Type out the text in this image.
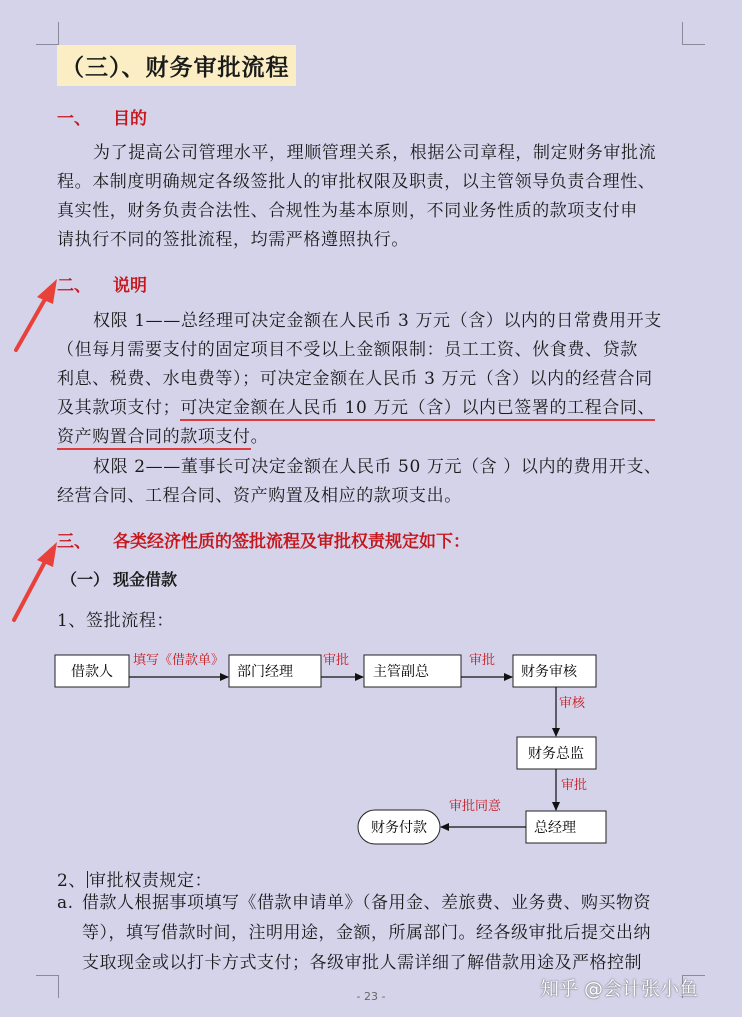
（三）、财务审批流程
一、 目的
为了提高公司管理水平，理顺管理关系，根据公司章程，制定财务审批流
程。本制度明确规定各级签批人的审批权限及职责，以主管领导负责合理性、
真实性，财务负责合法性、合规性为基本原则，不同业务性质的款项支付申
请执行不同的签批流程，均需严格遵照执行。
二、 说明
权限 1——总经理可决定金额在人民币 3 万元（含）以内的日常费用开支
（但每月需要支付的固定项目不受以上金额限制：员工工资、伙食费、贷款
利息、税费、水电费等）；可决定金额在人民币 3 万元（含）以内的经营合同
及其款项支付；可决定金额在人民币 10 万元（含）以内已签署的工程合同、
资产购置合同的款项支付。
权限 2——董事长可决定金额在人民币 50 万元（含 ）以内的费用开支、
经营合同、工程合同、资产购置及相应的款项支出。
三、 各类经济性质的签批流程及审批权责规定如下：
（一） 现金借款
1、签批流程：
借款人	部门经理	主管副总	财务审核
财务总监
总经理
财务付款
填写《借款单》	审批	审批
审核
审批
审批同意
2、 审批权责规定：
a. 借款人根据事项填写《借款申请单》（备用金、差旅费、业务费、购买物资
等），填写借款时间，注明用途，金额，所属部门。经各级审批后提交出纳
支取现金或以打卡方式支付；各级审批人需详细了解借款用途及严格控制
- 23 -	知乎 @会计张小鱼
